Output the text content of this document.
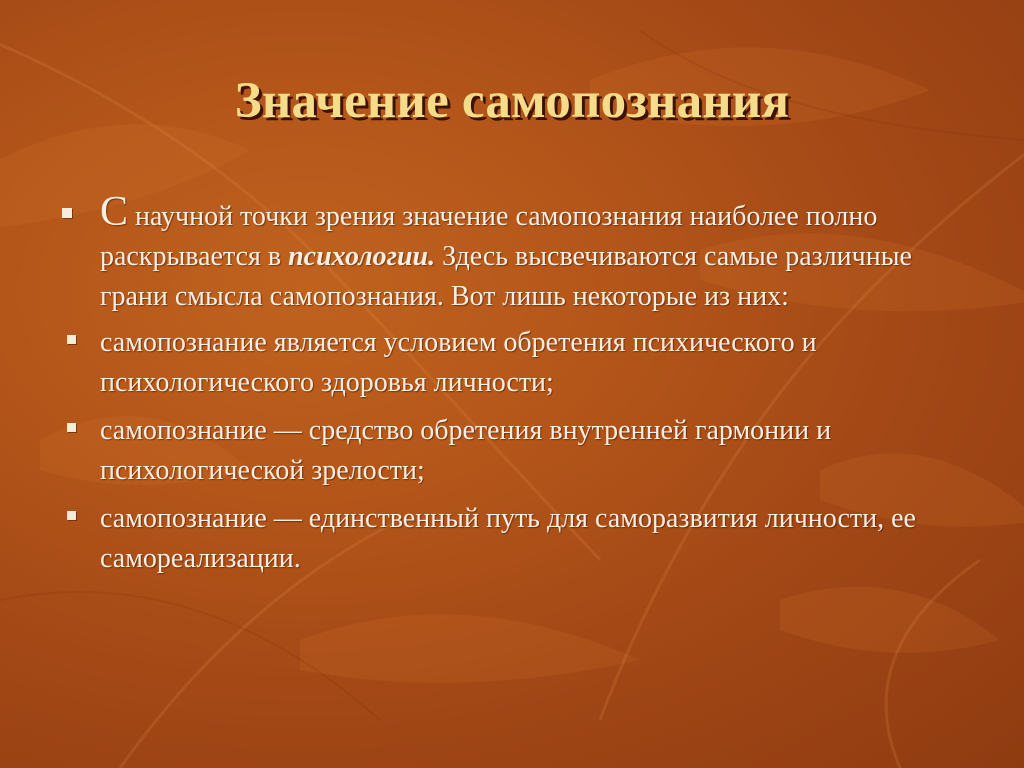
Значение самопознания
С научной точки зрения значение самопознания наиболее полно раскрывается в психологии. Здесь высвечиваются самые различные грани смысла самопознания. Вот лишь некоторые из них:
самопознание является условием обретения психического и психологического здоровья личности;
самопознание — средство обретения внутренней гармонии и психологической зрелости;
самопознание — единственный путь для саморазвития личности, ее самореализации.
